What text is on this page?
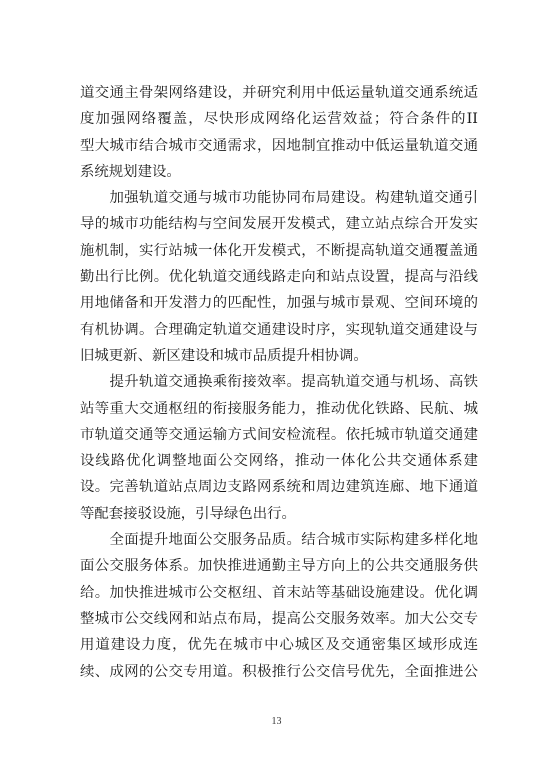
道交通主骨架网络建设，并研究利用中低运量轨道交通系统适
度加强网络覆盖，尽快形成网络化运营效益；符合条件的II
型大城市结合城市交通需求，因地制宜推动中低运量轨道交通
系统规划建设。
　　加强轨道交通与城市功能协同布局建设。构建轨道交通引
导的城市功能结构与空间发展开发模式，建立站点综合开发实
施机制，实行站城一体化开发模式，不断提高轨道交通覆盖通
勤出行比例。优化轨道交通线路走向和站点设置，提高与沿线
用地储备和开发潜力的匹配性，加强与城市景观、空间环境的
有机协调。合理确定轨道交通建设时序，实现轨道交通建设与
旧城更新、新区建设和城市品质提升相协调。
　　提升轨道交通换乘衔接效率。提高轨道交通与机场、高铁
站等重大交通枢纽的衔接服务能力，推动优化铁路、民航、城
市轨道交通等交通运输方式间安检流程。依托城市轨道交通建
设线路优化调整地面公交网络，推动一体化公共交通体系建
设。完善轨道站点周边支路网系统和周边建筑连廊、地下通道
等配套接驳设施，引导绿色出行。
　　全面提升地面公交服务品质。结合城市实际构建多样化地
面公交服务体系。加快推进通勤主导方向上的公共交通服务供
给。加快推进城市公交枢纽、首末站等基础设施建设。优化调
整城市公交线网和站点布局，提高公交服务效率。加大公交专
用道建设力度，优先在城市中心城区及交通密集区域形成连
续、成网的公交专用道。积极推行公交信号优先，全面推进公
13
